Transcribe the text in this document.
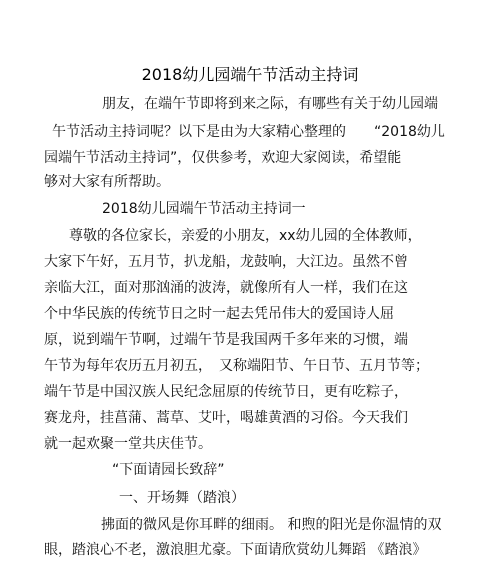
2018幼儿园端午节活动主持词
朋友，在端午节即将到来之际，有哪些有关于幼儿园端
午节活动主持词呢？以下是由为大家精心整理的　　“2018幼儿
园端午节活动主持词”，仅供参考，欢迎大家阅读，希望能
够对大家有所帮助。
2018幼儿园端午节活动主持词一
尊敬的各位家长，亲爱的小朋友，xx幼儿园的全体教师，
大家下午好，五月节，扒龙船，龙鼓响，大江边。虽然不曾
亲临大江，面对那汹涌的波涛，就像所有人一样，我们在这
个中华民族的传统节日之时一起去凭吊伟大的爱国诗人屈
原，说到端午节啊，过端午节是我国两千多年来的习惯，端
午节为每年农历五月初五，　又称端阳节、午日节、五月节等；
端午节是中国汉族人民纪念屈原的传统节日，更有吃粽子，
赛龙舟，挂菖蒲、蒿草、艾叶，喝雄黄酒的习俗。今天我们
就一起欢聚一堂共庆佳节。
“下面请园长致辞”
一、开场舞（踏浪）
拂面的微风是你耳畔的细雨。 和煦的阳光是你温情的双
眼，踏浪心不老，激浪胆尤豪。下面请欣赏幼儿舞蹈 《踏浪》
